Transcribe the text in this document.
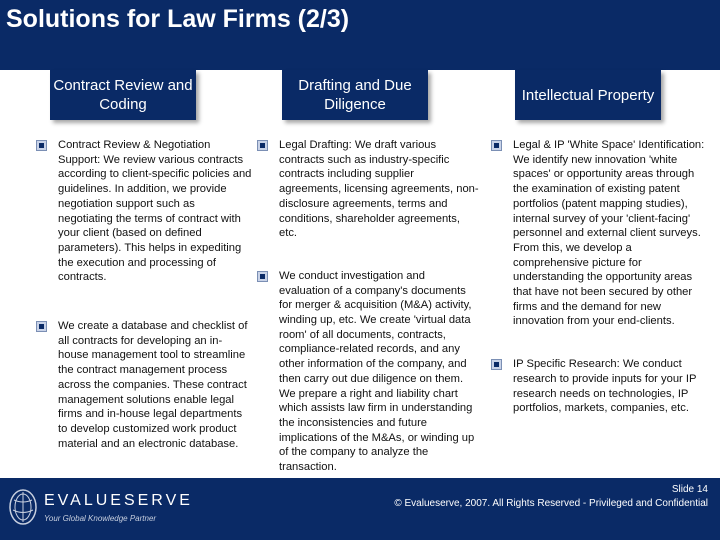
Solutions for Law Firms (2/3)
Contract Review and Coding
Drafting and Due Diligence
Intellectual Property
Contract Review & Negotiation Support: We review various contracts according to client-specific policies and guidelines. In addition, we provide negotiation support such as negotiating the terms of contract with your client (based on defined parameters). This helps in expediting the execution and processing of contracts.
We create a database and checklist of all contracts for developing an in-house management tool to streamline the contract management process across the companies. These contract management solutions enable legal firms and in-house legal departments to develop customized work product material and an electronic database.
Legal Drafting: We draft various contracts such as industry-specific contracts including supplier agreements, licensing agreements, non-disclosure agreements, terms and conditions, shareholder agreements, etc.
We conduct investigation and evaluation of a company's documents for merger & acquisition (M&A) activity, winding up, etc. We create 'virtual data room' of all documents, contracts, compliance-related records, and any other information of the company, and then carry out due diligence on them. We prepare a right and liability chart which assists law firm in understanding the inconsistencies and future implications of the M&As, or winding up of the company to analyze the transaction.
Legal & IP 'White Space' Identification: We identify new innovation 'white spaces' or opportunity areas through the examination of existing patent portfolios (patent mapping studies), internal survey of your 'client-facing' personnel and external client surveys. From this, we develop a comprehensive picture for understanding the opportunity areas that have not been secured by other firms and the demand for new innovation from your end-clients.
IP Specific Research: We conduct research to provide inputs for your IP research needs on technologies, IP portfolios, markets, companies, etc.
EVALUESERVE
Your Global Knowledge Partner
Slide 14
© Evalueserve, 2007. All Rights Reserved - Privileged and Confidential
